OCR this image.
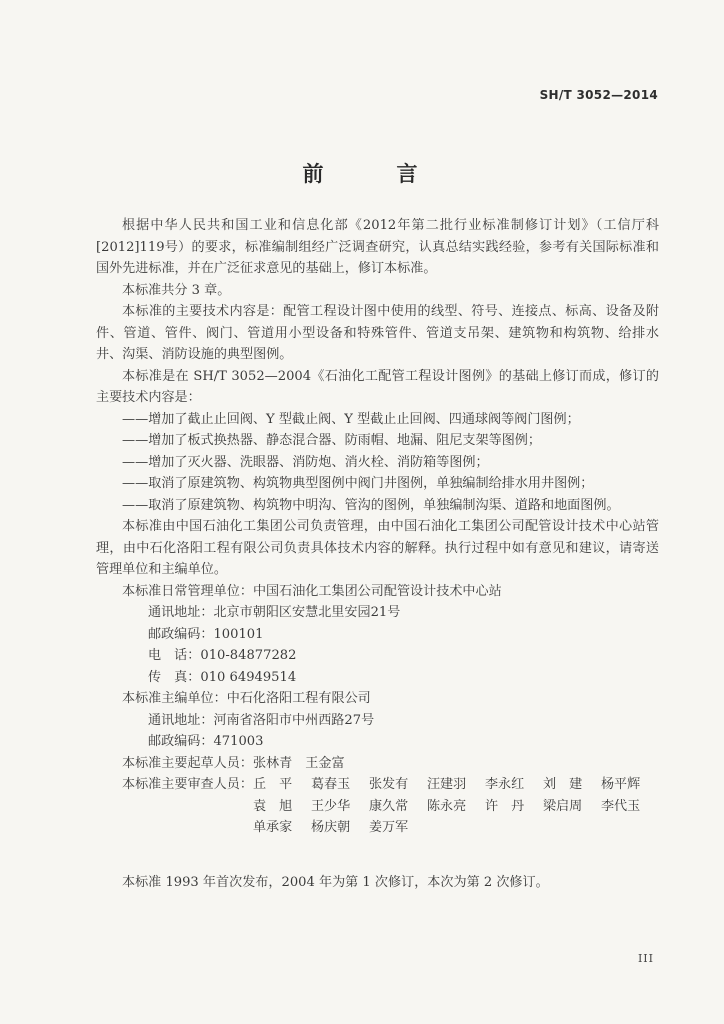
SH/T 3052—2014
前　言

根据中华人民共和国工业和信息化部《2012年第二批行业标准制修订计划》（工信厅科[2012]119号）的要求，标准编制组经广泛调查研究，认真总结实践经验，参考有关国际标准和国外先进标准，并在广泛征求意见的基础上，修订本标准。

本标准共分 3 章。

本标准的主要技术内容是：配管工程设计图中使用的线型、符号、连接点、标高、设备及附件、管道、管件、阀门、管道用小型设备和特殊管件、管道支吊架、建筑物和构筑物、给排水井、沟渠、消防设施的典型图例。

本标准是在 SH/T 3052—2004《石油化工配管工程设计图例》的基础上修订而成，修订的主要技术内容是：

——增加了截止止回阀、Y 型截止阀、Y 型截止止回阀、四通球阀等阀门图例；

——增加了板式换热器、静态混合器、防雨帽、地漏、阻尼支架等图例；

——增加了灭火器、洗眼器、消防炮、消火栓、消防箱等图例；

——取消了原建筑物、构筑物典型图例中阀门井图例，单独编制给排水用井图例；

——取消了原建筑物、构筑物中明沟、管沟的图例，单独编制沟渠、道路和地面图例。

本标准由中国石油化工集团公司负责管理，由中国石油化工集团公司配管设计技术中心站管理，由中石化洛阳工程有限公司负责具体技术内容的解释。执行过程中如有意见和建议，请寄送管理单位和主编单位。

本标准日常管理单位： 中国石油化工集团公司配管设计技术中心站
通讯地址： 北京市朝阳区安慧北里安园21号
邮政编码： 100101
电　话： 010-84877282
传　真： 010 64949514
本标准主编单位： 中石化洛阳工程有限公司
通讯地址： 河南省洛阳市中州西路27号
邮政编码： 471003
本标准主要起草人员： 张林青　王金富
本标准主要审查人员： 丘　平	葛春玉	张发有	汪建羽	李永红	刘　建	杨平辉
袁　旭	王少华	康久常	陈永亮	许　丹	梁启周	李代玉
单承家	杨庆朝	姜万军

本标准 1993 年首次发布，2004 年为第 1 次修订，本次为第 2 次修订。

III
